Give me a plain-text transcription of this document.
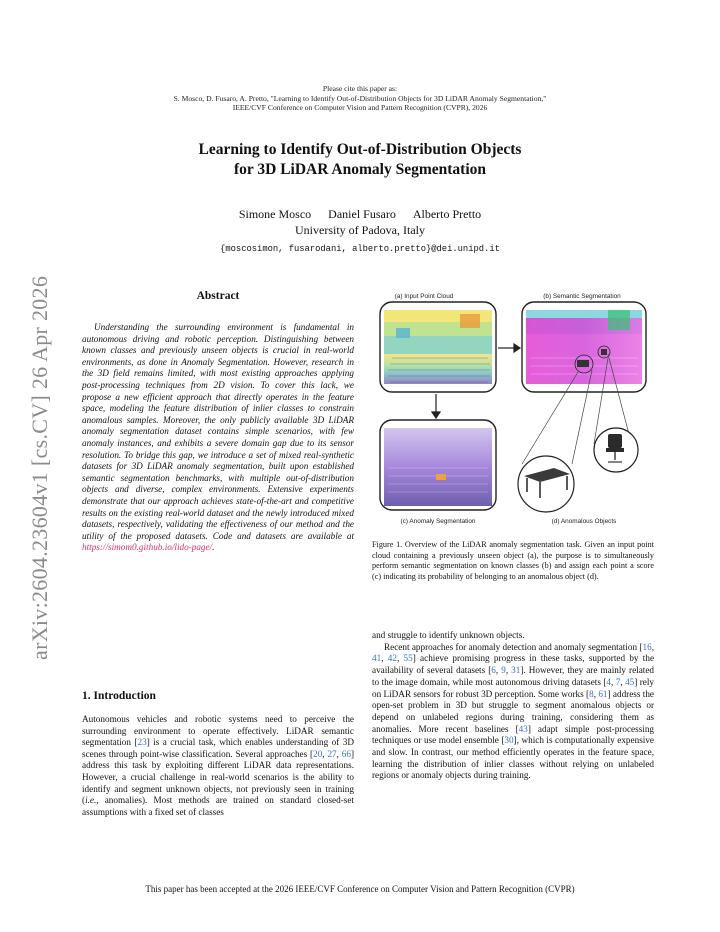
Please cite this paper as:
S. Mosco, D. Fusaro, A. Pretto, "Learning to Identify Out-of-Distribution Objects for 3D LiDAR Anomaly Segmentation,"
IEEE/CVF Conference on Computer Vision and Pattern Recognition (CVPR), 2026
Learning to Identify Out-of-Distribution Objects
for 3D LiDAR Anomaly Segmentation
Simone Mosco Daniel Fusaro Alberto Pretto
University of Padova, Italy
{moscosimon, fusarodani, alberto.pretto}@dei.unipd.it
arXiv:2604.23604v1 [cs.CV] 26 Apr 2026	Abstract
Understanding the surrounding environment is fundamental in autonomous driving and robotic perception. Distinguishing between known classes and previously unseen objects is crucial in real-world environments, as done in Anomaly Segmentation. However, research in the 3D field remains limited, with most existing approaches applying post-processing techniques from 2D vision. To cover this lack, we propose a new efficient approach that directly operates in the feature space, modeling the feature distribution of inlier classes to constrain anomalous samples. Moreover, the only publicly available 3D LiDAR anomaly segmentation dataset contains simple scenarios, with few anomaly instances, and exhibits a severe domain gap due to its sensor resolution. To bridge this gap, we introduce a set of mixed real-synthetic datasets for 3D LiDAR anomaly segmentation, built upon established semantic segmentation benchmarks, with multiple out-of-distribution objects and diverse, complex environments. Extensive experiments demonstrate that our approach achieves state-of-the-art and competitive results on the existing real-world dataset and the newly introduced mixed datasets, respectively, validating the effectiveness of our method and the utility of the proposed datasets. Code and datasets are available at https://simom0.github.io/lido-page/.
1. Introduction
Autonomous vehicles and robotic systems need to perceive the surrounding environment to operate effectively. LiDAR semantic segmentation [23] is a crucial task, which enables understanding of 3D scenes through point-wise classification. Several approaches [20, 27, 66] address this task by exploiting different LiDAR data representations. However, a crucial challenge in real-world scenarios is the ability to identify and segment unknown objects, not previously seen in training (i.e., anomalies). Most methods are trained on standard closed-set assumptions with a fixed set of classes
(a) Input Point Cloud	(b) Semantic Segmentation
(c) Anomaly Segmentation	(d) Anomalous Objects
Figure 1. Overview of the LiDAR anomaly segmentation task. Given an input point cloud containing a previously unseen object (a), the purpose is to simultaneously perform semantic segmentation on known classes (b) and assign each point a score (c) indicating its probability of belonging to an anomalous object (d).

and struggle to identify unknown objects.

Recent approaches for anomaly detection and anomaly segmentation [16, 41, 42, 55] achieve promising progress in these tasks, supported by the availability of several datasets [6, 9, 31]. However, they are mainly related to the image domain, while most autonomous driving datasets [4, 7, 45] rely on LiDAR sensors for robust 3D perception. Some works [8, 61] address the open-set problem in 3D but struggle to segment anomalous objects or depend on unlabeled regions during training, considering them as anomalies. More recent baselines [43] adapt simple post-processing techniques or use model ensemble [30], which is computationally expensive and slow. In contrast, our method efficiently operates in the feature space, learning the distribution of inlier classes without relying on unlabeled regions or anomaly objects during training.

This paper has been accepted at the 2026 IEEE/CVF Conference on Computer Vision and Pattern Recognition (CVPR)
